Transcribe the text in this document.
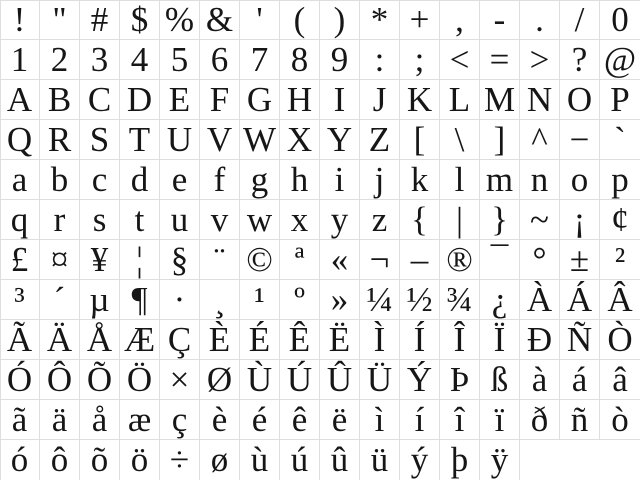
! " # $ % & ' ( ) * + , - . / 0
1 2 3 4 5 6 7 8 9 : ; < = > ? @
A B C D E F G H I J K L M N O P
Q R S T U V W X Y Z [ \ ] ^ − `
a b c d e f g h i j k l m n o p
q r s t u v w x y z { | } ~ ¡ ¢
£ ¤ ¥ ¦ § ¨ © ª « ¬ – ® ¯ ° ± ²
³ ´ µ ¶ · ¸ ¹ º » ¼ ½ ¾ ¿ À Á Â
Ã Ä Å Æ Ç È É Ê Ë Ì Í Î Ï Ð Ñ Ò
Ó Ô Õ Ö × Ø Ù Ú Û Ü Ý Þ ß à á â
ã ä å æ ç è é ê ë ì í î ï ð ñ ò
ó ô õ ö ÷ ø ù ú û ü ý þ ÿ
